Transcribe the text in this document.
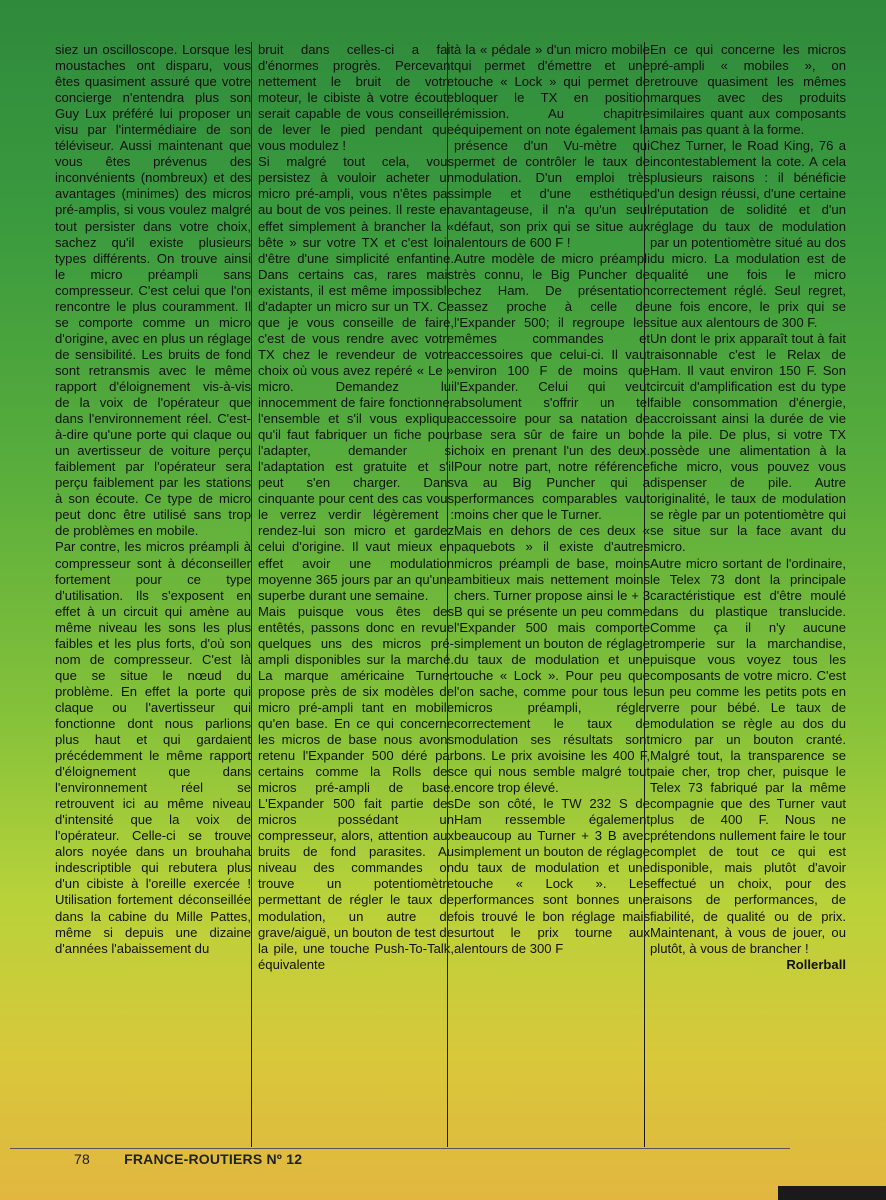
siez un oscilloscope. Lorsque les moustaches ont disparu, vous êtes quasiment assuré que votre concierge n'entendra plus son Guy Lux préféré lui proposer un visu par l'intermédiaire de son téléviseur. Aussi maintenant que vous êtes prévenus des inconvénients (nombreux) et des avantages (minimes) des micros pré-amplis, si vous voulez malgré tout persister dans votre choix, sachez qu'il existe plusieurs types différents. On trouve ainsi le micro préampli sans compresseur. C'est celui que l'on rencontre le plus couramment. Il se comporte comme un micro d'origine, avec en plus un réglage de sensibilité. Les bruits de fond sont retransmis avec le même rapport d'éloignement vis-à-vis de la voix de l'opérateur que dans l'environnement réel. C'est-à-dire qu'une porte qui claque ou un avertisseur de voiture perçu faiblement par l'opérateur sera perçu faiblement par les stations à son écoute. Ce type de micro peut donc être utilisé sans trop de problèmes en mobile.

Par contre, les micros préampli à compresseur sont à déconseiller fortement pour ce type d'utilisation. Ils s'exposent en effet à un circuit qui amène au même niveau les sons les plus faibles et les plus forts, d'où son nom de compresseur. C'est là que se situe le nœud du problème. En effet la porte qui claque ou l'avertisseur qui fonctionne dont nous parlions plus haut et qui gardaient précédemment le même rapport d'éloignement que dans l'environnement réel se retrouvent ici au même niveau d'intensité que la voix de l'opérateur. Celle-ci se trouve alors noyée dans un brouhaha indescriptible qui rebutera plus d'un cibiste à l'oreille exercée ! Utilisation fortement déconseillée dans la cabine du Mille Pattes, même si depuis une dizaine d'années l'abaissement du

bruit dans celles-ci a fait d'énormes progrès. Percevant nettement le bruit de votre moteur, le cibiste à votre écoute serait capable de vous conseiller de lever le pied pendant que vous modulez !

Si malgré tout cela, vous persistez à vouloir acheter un micro pré-ampli, vous n'êtes pas au bout de vos peines. Il reste en effet simplement à brancher la « bête » sur votre TX et c'est loin d'être d'une simplicité enfantine. Dans certains cas, rares mais existants, il est même impossible d'adapter un micro sur un TX. Ce que je vous conseille de faire, c'est de vous rendre avec votre TX chez le revendeur de votre choix où vous avez repéré « Le » micro. Demandez lui innocemment de faire fonctionner l'ensemble et s'il vous explique qu'il faut fabriquer un fiche pour l'adapter, demander si l'adaptation est gratuite et s'il peut s'en charger. Dans cinquante pour cent des cas vous le verrez verdir légèrement : rendez-lui son micro et gardez celui d'origine. Il vaut mieux en effet avoir une modulation moyenne 365 jours par an qu'une superbe durant une semaine.

Mais puisque vous êtes des entêtés, passons donc en revue quelques uns des micros pré-ampli disponibles sur la marché. La marque américaine Turner propose près de six modèles de micro pré-ampli tant en mobile qu'en base. En ce qui concerne les micros de base nous avons retenu l'Expander 500 déré par certains comme la Rolls des micros pré-ampli de base. L'Expander 500 fait partie des micros possédant un compresseur, alors, attention aux bruits de fond parasites. Au niveau des commandes on trouve un potentiomètre permettant de régler le taux de modulation, un autre de grave/aiguë, un bouton de test de la pile, une touche Push-To-Talk, équivalente

à la « pédale » d'un micro mobile qui permet d'émettre et une touche « Lock » qui permet de bloquer le TX en position émission. Au chapitre équipement on note également la présence d'un Vu-mètre qui permet de contrôler le taux de modulation. D'un emploi très simple et d'une esthétique avantageuse, il n'a qu'un seul défaut, son prix qui se situe aux alentours de 600 F !

Autre modèle de micro préampli très connu, le Big Puncher de chez Ham. De présentation assez proche à celle de l'Expander 500; il regroupe les mêmes commandes et accessoires que celui-ci. Il vaut environ 100 F de moins que l'Expander. Celui qui veut absolument s'offrir un tel accessoire pour sa natation de base sera sûr de faire un bon choix en prenant l'un des deux. Pour notre part, notre référence va au Big Puncher qui a performances comparables vaut moins cher que le Turner.

Mais en dehors de ces deux « paquebots » il existe d'autres micros préampli de base, moins ambitieux mais nettement moins chers. Turner propose ainsi le + 3 B qui se présente un peu comme l'Expander 500 mais comporte simplement un bouton de réglage du taux de modulation et une touche « Lock ». Pour peu que l'on sache, comme pour tous les micros préampli, régler correctement le taux de modulation ses résultats sont bons. Le prix avoisine les 400 F, ce qui nous semble malgré tout encore trop élevé.

De son côté, le TW 232 S de Ham ressemble également beaucoup au Turner + 3 B avec simplement un bouton de réglage du taux de modulation et une touche « Lock ». Les performances sont bonnes une fois trouvé le bon réglage mais surtout le prix tourne aux alentours de 300 F

En ce qui concerne les micros pré-ampli « mobiles », on retrouve quasiment les mêmes marques avec des produits similaires quant aux composants mais pas quant à la forme.

Chez Turner, le Road King, 76 a incontestablement la cote. A cela plusieurs raisons : il bénéficie d'un design réussi, d'une certaine réputation de solidité et d'un réglage du taux de modulation par un potentiomètre situé au dos du micro. La modulation est de qualité une fois le micro correctement réglé. Seul regret, une fois encore, le prix qui se situe aux alentours de 300 F.

Un dont le prix apparaît tout à fait raisonnable c'est le Relax de Ham. Il vaut environ 150 F. Son circuit d'amplification est du type faible consommation d'énergie, accroissant ainsi la durée de vie de la pile. De plus, si votre TX possède une alimentation à la fiche micro, vous pouvez vous dispenser de pile. Autre originalité, le taux de modulation se règle par un potentiomètre qui se situe sur la face avant du micro.

Autre micro sortant de l'ordinaire, le Telex 73 dont la principale caractéristique est d'être moulé dans du plastique translucide. Comme ça il n'y aucune tromperie sur la marchandise, puisque vous voyez tous les composants de votre micro. C'est un peu comme les petits pots en verre pour bébé. Le taux de modulation se règle au dos du micro par un bouton cranté. Malgré tout, la transparence se paie cher, trop cher, puisque le Telex 73 fabriqué par la même compagnie que des Turner vaut plus de 400 F. Nous ne prétendons nullement faire le tour complet de tout ce qui est disponible, mais plutôt d'avoir effectué un choix, pour des raisons de performances, de fiabilité, de qualité ou de prix. Maintenant, à vous de jouer, ou plutôt, à vous de brancher !

Rollerball
78 FRANCE-ROUTIERS Nº 12
